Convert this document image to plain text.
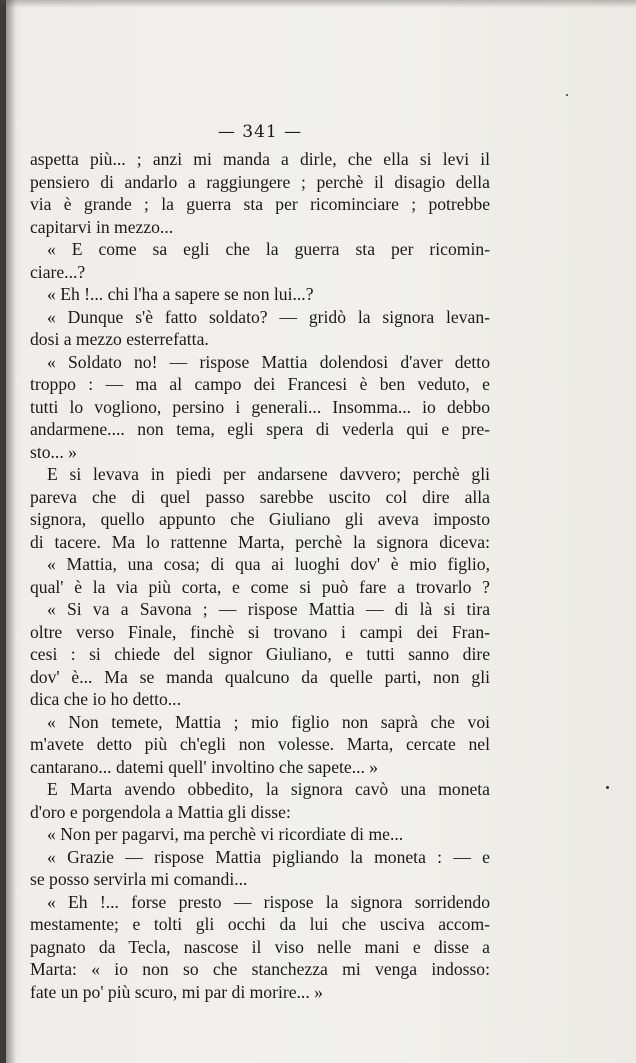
— 341 —
aspetta più... ; anzi mi manda a dirle, che ella si levi il
pensiero di andarlo a raggiungere ; perchè il disagio della
via è grande ; la guerra sta per ricominciare ; potrebbe
capitarvi in mezzo...
« E come sa egli che la guerra sta per ricomin-
ciare...?
« Eh !... chi l'ha a sapere se non lui...?
« Dunque s'è fatto soldato? — gridò la signora levan-
dosi a mezzo esterrefatta.
« Soldato no! — rispose Mattia dolendosi d'aver detto
troppo : — ma al campo dei Francesi è ben veduto, e
tutti lo vogliono, persino i generali... Insomma... io debbo
andarmene.... non tema, egli spera di vederla qui e pre-
sto... »
E si levava in piedi per andarsene davvero; perchè gli
pareva che di quel passo sarebbe uscito col dire alla
signora, quello appunto che Giuliano gli aveva imposto
di tacere. Ma lo rattenne Marta, perchè la signora diceva:
« Mattia, una cosa; di qua ai luoghi dov' è mio figlio,
qual' è la via più corta, e come si può fare a trovarlo ?
« Si va a Savona ; — rispose Mattia — di là si tira
oltre verso Finale, finchè si trovano i campi dei Fran-
cesi : si chiede del signor Giuliano, e tutti sanno dire
dov' è... Ma se manda qualcuno da quelle parti, non gli
dica che io ho detto...
« Non temete, Mattia ; mio figlio non saprà che voi
m'avete detto più ch'egli non volesse. Marta, cercate nel
cantarano... datemi quell' involtino che sapete... »
E Marta avendo obbedito, la signora cavò una moneta
d'oro e porgendola a Mattia gli disse:
« Non per pagarvi, ma perchè vi ricordiate di me...
« Grazie — rispose Mattia pigliando la moneta : — e
se posso servirla mi comandi...
« Eh !... forse presto — rispose la signora sorridendo
mestamente; e tolti gli occhi da lui che usciva accom-
pagnato da Tecla, nascose il viso nelle mani e disse a
Marta: « io non so che stanchezza mi venga indosso:
fate un po' più scuro, mi par di morire... »
